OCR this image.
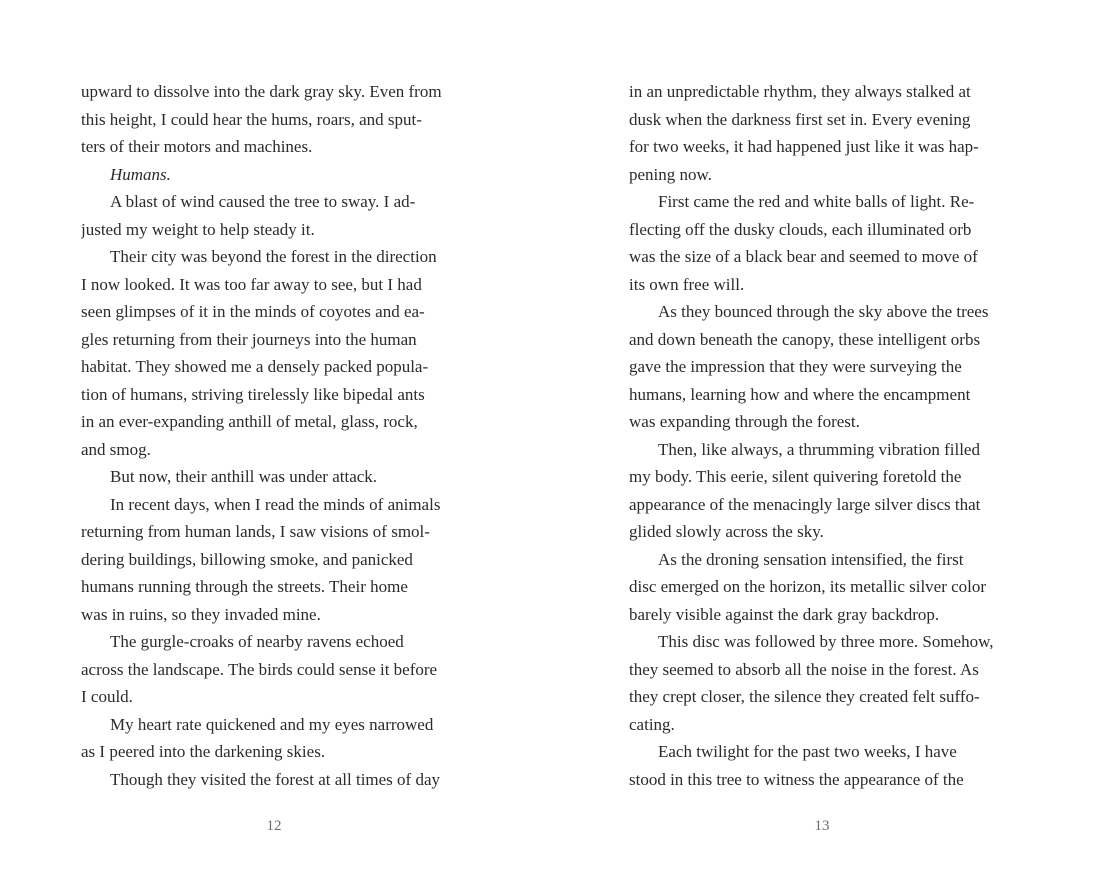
upward to dissolve into the dark gray sky. Even from
this height, I could hear the hums, roars, and sput-
ters of their motors and machines.
Humans.
A blast of wind caused the tree to sway. I ad-
justed my weight to help steady it.
Their city was beyond the forest in the direction
I now looked. It was too far away to see, but I had
seen glimpses of it in the minds of coyotes and ea-
gles returning from their journeys into the human
habitat. They showed me a densely packed popula-
tion of humans, striving tirelessly like bipedal ants
in an ever-expanding anthill of metal, glass, rock,
and smog.
But now, their anthill was under attack.
In recent days, when I read the minds of animals
returning from human lands, I saw visions of smol-
dering buildings, billowing smoke, and panicked
humans running through the streets. Their home
was in ruins, so they invaded mine.
The gurgle-croaks of nearby ravens echoed
across the landscape. The birds could sense it before
I could.
My heart rate quickened and my eyes narrowed
as I peered into the darkening skies.
Though they visited the forest at all times of day
12
in an unpredictable rhythm, they always stalked at
dusk when the darkness first set in. Every evening
for two weeks, it had happened just like it was hap-
pening now.
First came the red and white balls of light. Re-
flecting off the dusky clouds, each illuminated orb
was the size of a black bear and seemed to move of
its own free will.
As they bounced through the sky above the trees
and down beneath the canopy, these intelligent orbs
gave the impression that they were surveying the
humans, learning how and where the encampment
was expanding through the forest.
Then, like always, a thrumming vibration filled
my body. This eerie, silent quivering foretold the
appearance of the menacingly large silver discs that
glided slowly across the sky.
As the droning sensation intensified, the first
disc emerged on the horizon, its metallic silver color
barely visible against the dark gray backdrop.
This disc was followed by three more. Somehow,
they seemed to absorb all the noise in the forest. As
they crept closer, the silence they created felt suffo-
cating.
Each twilight for the past two weeks, I have
stood in this tree to witness the appearance of the
13
